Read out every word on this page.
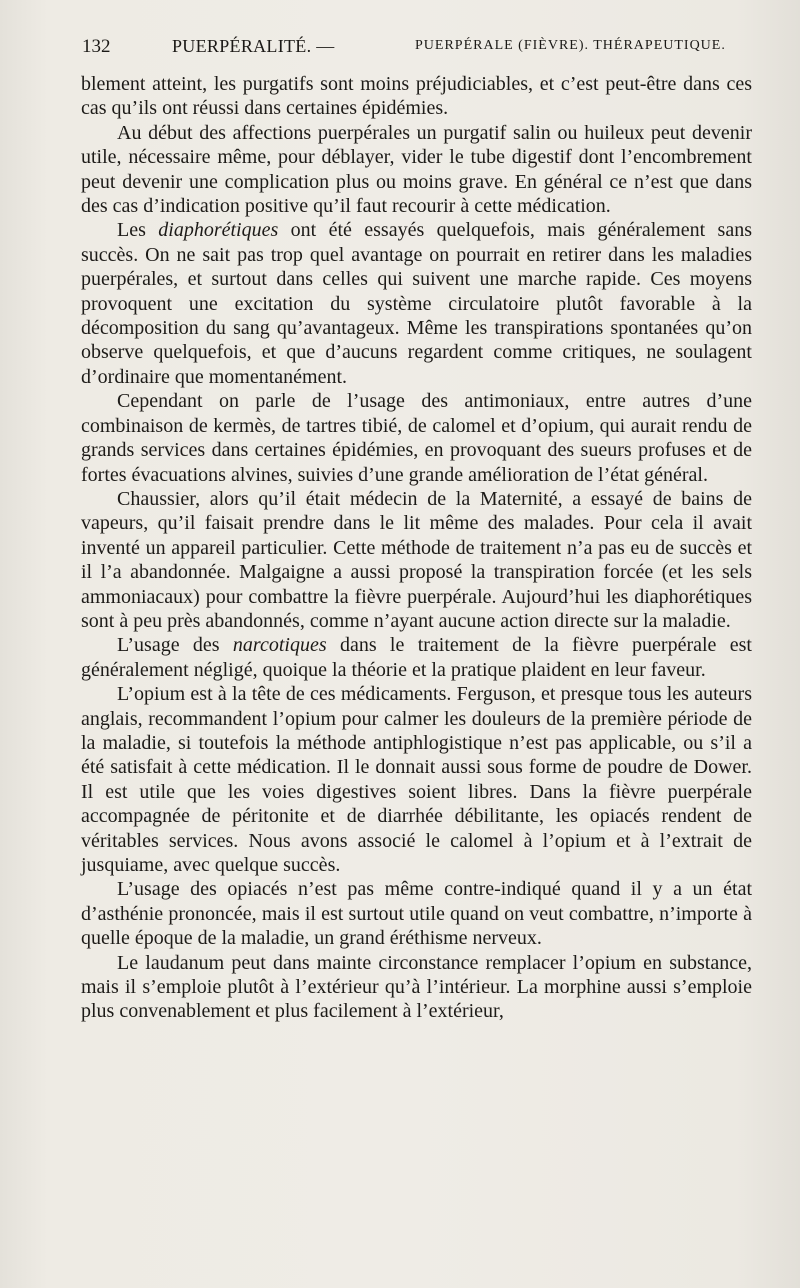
132	PUERPÉRALITÉ. —	PUERPÉRALE (FIÈVRE). THÉRAPEUTIQUE.

blement atteint, les purgatifs sont moins préjudiciables, et c’est peut-être dans ces cas qu’ils ont réussi dans certaines épidémies.

Au début des affections puerpérales un purgatif salin ou huileux peut devenir utile, nécessaire même, pour déblayer, vider le tube digestif dont l’encombrement peut devenir une complication plus ou moins grave. En général ce n’est que dans des cas d’indication positive qu’il faut recourir à cette médication.

Les diaphorétiques ont été essayés quelquefois, mais généralement sans succès. On ne sait pas trop quel avantage on pourrait en retirer dans les maladies puerpérales, et surtout dans celles qui suivent une marche rapide. Ces moyens provoquent une excitation du système circulatoire plutôt favorable à la décomposition du sang qu’avantageux. Même les transpirations spontanées qu’on observe quelquefois, et que d’aucuns regardent comme critiques, ne soulagent d’ordinaire que momentanément.

Cependant on parle de l’usage des antimoniaux, entre autres d’une combinaison de kermès, de tartres tibié, de calomel et d’opium, qui aurait rendu de grands services dans certaines épidémies, en provoquant des sueurs profuses et de fortes évacuations alvines, suivies d’une grande amélioration de l’état général.

Chaussier, alors qu’il était médecin de la Maternité, a essayé de bains de vapeurs, qu’il faisait prendre dans le lit même des malades. Pour cela il avait inventé un appareil particulier. Cette méthode de traitement n’a pas eu de succès et il l’a abandonnée. Malgaigne a aussi proposé la transpiration forcée (et les sels ammoniacaux) pour combattre la fièvre puerpérale. Aujourd’hui les diaphorétiques sont à peu près abandonnés, comme n’ayant aucune action directe sur la maladie.

L’usage des narcotiques dans le traitement de la fièvre puerpérale est généralement négligé, quoique la théorie et la pratique plaident en leur faveur.

L’opium est à la tête de ces médicaments. Ferguson, et presque tous les auteurs anglais, recommandent l’opium pour calmer les douleurs de la première période de la maladie, si toutefois la méthode antiphlogistique n’est pas applicable, ou s’il a été satisfait à cette médication. Il le donnait aussi sous forme de poudre de Dower. Il est utile que les voies digestives soient libres. Dans la fièvre puerpérale accompagnée de péritonite et de diarrhée débilitante, les opiacés rendent de véritables services. Nous avons associé le calomel à l’opium et à l’extrait de jusquiame, avec quelque succès.

L’usage des opiacés n’est pas même contre-indiqué quand il y a un état d’asthénie prononcée, mais il est surtout utile quand on veut combattre, n’importe à quelle époque de la maladie, un grand éréthisme nerveux.

Le laudanum peut dans mainte circonstance remplacer l’opium en substance, mais il s’emploie plutôt à l’extérieur qu’à l’intérieur. La morphine aussi s’emploie plus convenablement et plus facilement à l’extérieur,
